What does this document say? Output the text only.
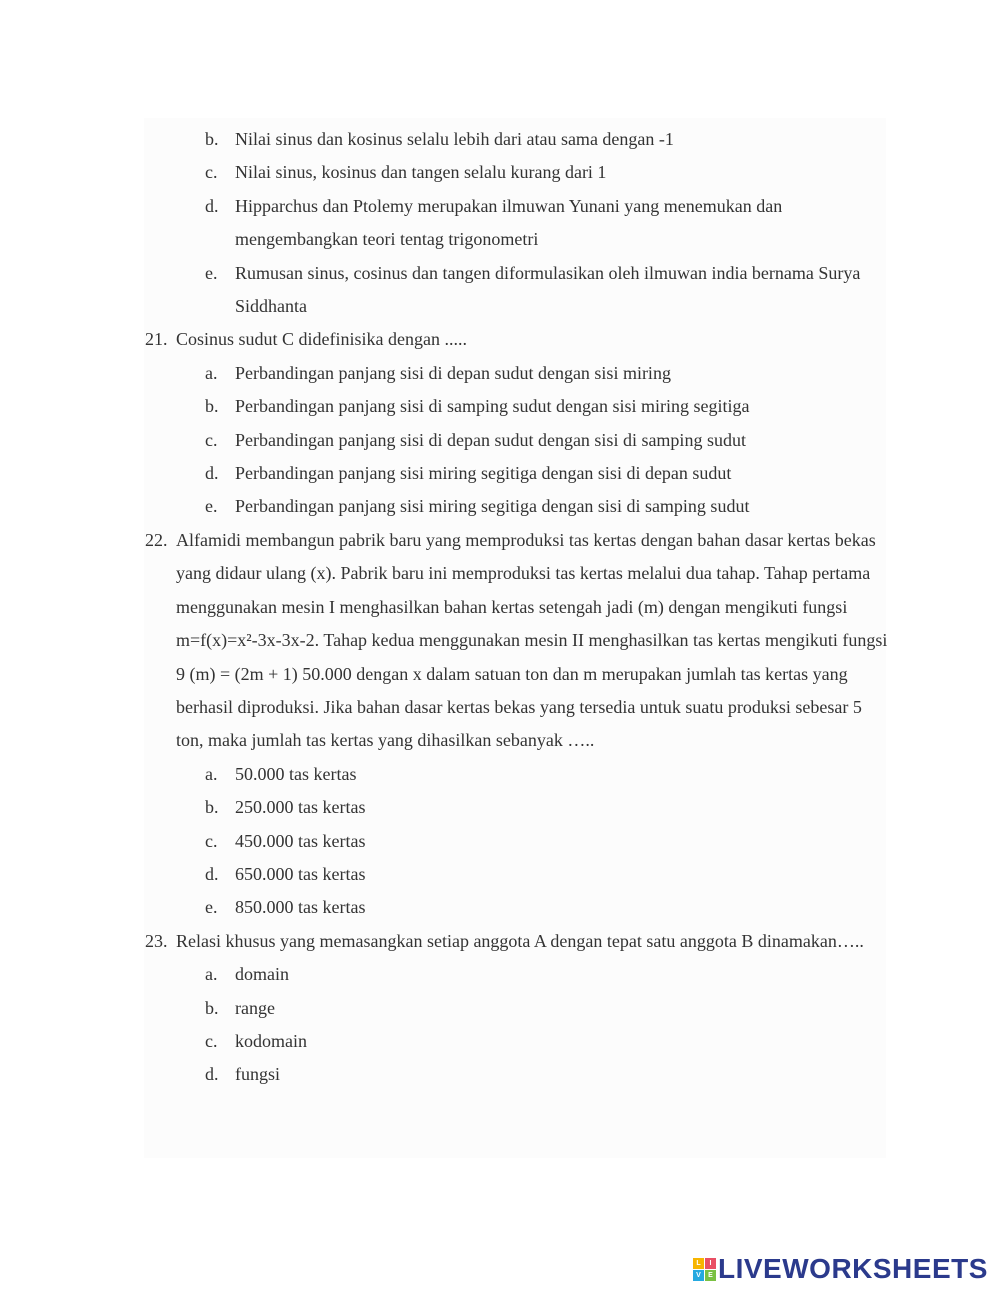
b. Nilai sinus dan kosinus selalu lebih dari atau sama dengan -1
c. Nilai sinus, kosinus dan tangen selalu kurang dari 1
d. Hipparchus dan Ptolemy merupakan ilmuwan Yunani yang menemukan dan mengembangkan teori tentag trigonometri
e. Rumusan sinus, cosinus dan tangen diformulasikan oleh ilmuwan india bernama Surya Siddhanta
21. Cosinus sudut C didefinisika dengan .....

a. Perbandingan panjang sisi di depan sudut dengan sisi miring
b. Perbandingan panjang sisi di samping sudut dengan sisi miring segitiga
c. Perbandingan panjang sisi di depan sudut dengan sisi di samping sudut
d. Perbandingan panjang sisi miring segitiga dengan sisi di depan sudut
e. Perbandingan panjang sisi miring segitiga dengan sisi di samping sudut
22. Alfamidi membangun pabrik baru yang memproduksi tas kertas dengan bahan dasar kertas bekas yang didaur ulang (x). Pabrik baru ini memproduksi tas kertas melalui dua tahap. Tahap pertama menggunakan mesin I menghasilkan bahan kertas setengah jadi (m) dengan mengikuti fungsi

m=f(x)=x²-3x-3x-2. Tahap kedua menggunakan mesin II menghasilkan tas kertas mengikuti fungsi 9 (m) = (2m + 1) 50.000 dengan x dalam satuan ton dan m merupakan jumlah tas kertas yang berhasil diproduksi. Jika bahan dasar kertas bekas yang tersedia untuk suatu produksi sebesar 5 ton, maka jumlah tas kertas yang dihasilkan sebanyak …..

a. 50.000 tas kertas
b. 250.000 tas kertas
c. 450.000 tas kertas
d. 650.000 tas kertas
e. 850.000 tas kertas
23. Relasi khusus yang memasangkan setiap anggota A dengan tepat satu anggota B dinamakan…..

a. domain
b. range
c. kodomain
d. fungsi
L	I
V	E LIVEWORKSHEETS
